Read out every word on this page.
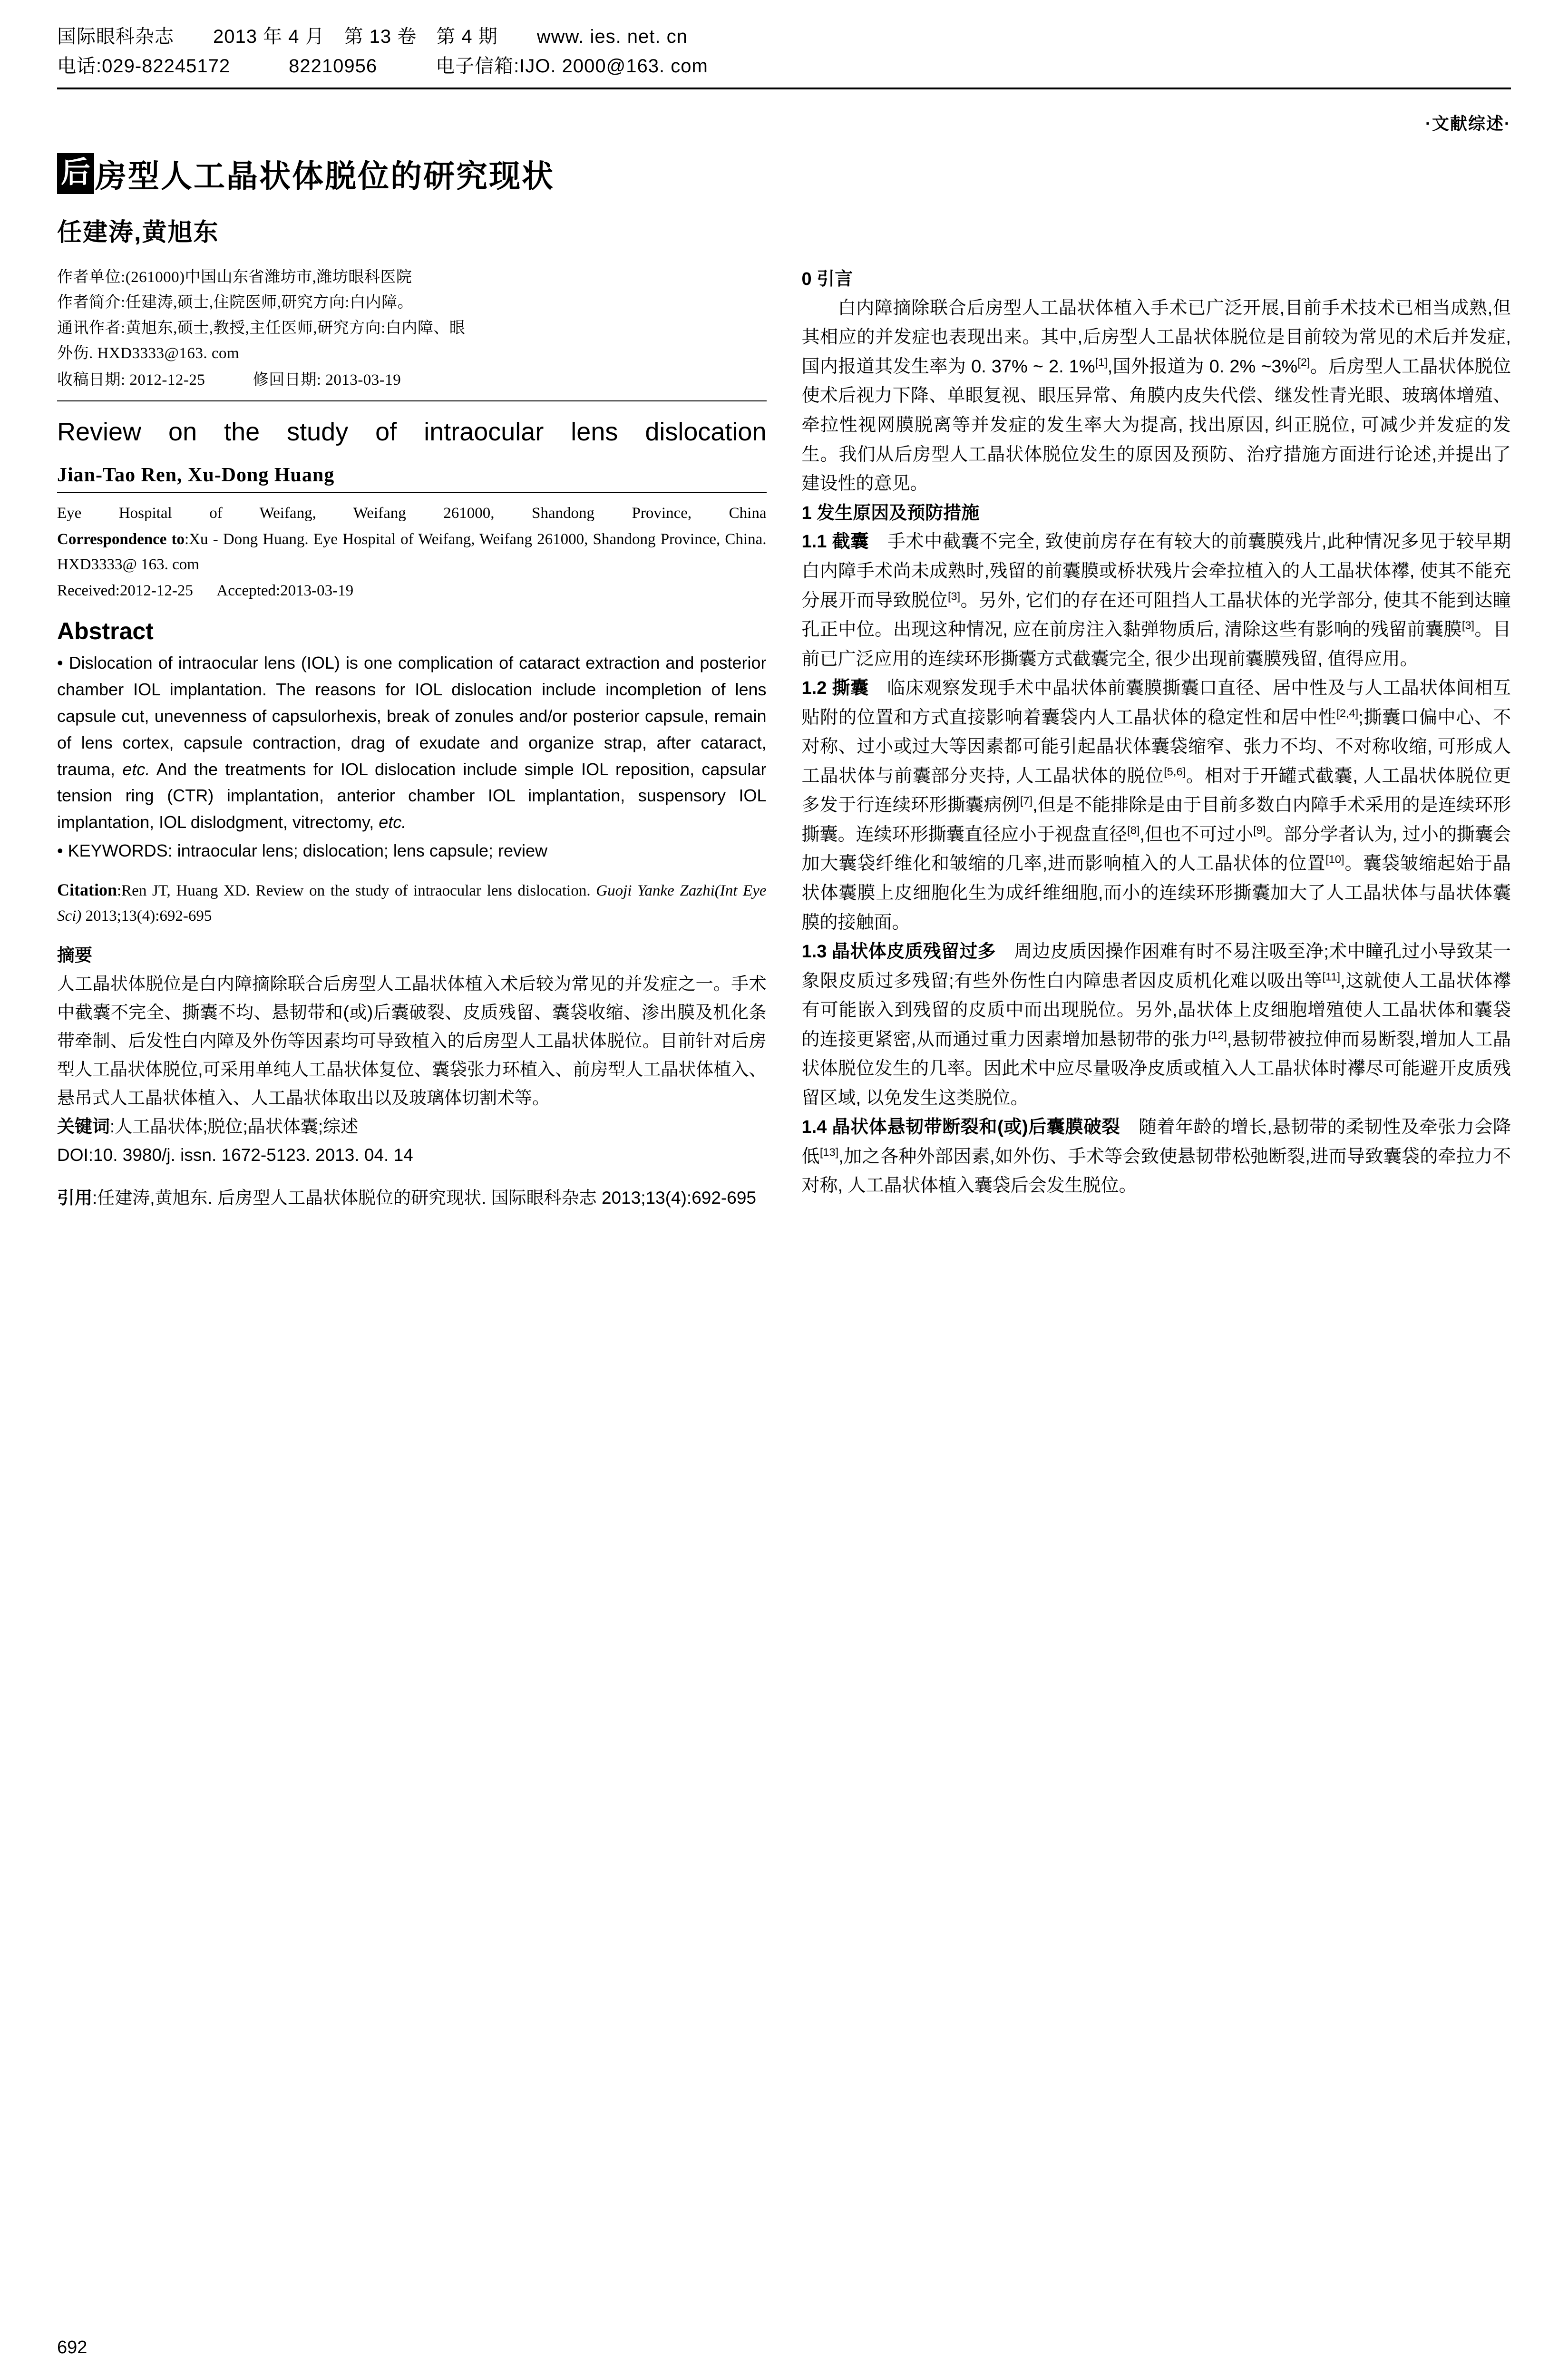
国际眼科杂志　　2013 年 4 月　第 13 卷　第 4 期　　www. ies. net. cn
电话:029-82245172　　　82210956　　　电子信箱:IJO. 2000@163. com
·文献综述·
后 房型人工晶状体脱位的研究现状
任建涛,黄旭东
作者单位:(261000)中国山东省潍坊市,潍坊眼科医院
作者简介:任建涛,硕士,住院医师,研究方向:白内障。
通讯作者:黄旭东,硕士,教授,主任医师,研究方向:白内障、眼
外伤. HXD3333@163. com
收稿日期: 2012-12-25　　　修回日期: 2013-03-19
Review on the study of intraocular lens dislocation
Jian-Tao Ren, Xu-Dong Huang

Eye Hospital of Weifang, Weifang 261000, Shandong Province, China

Correspondence to:Xu - Dong Huang. Eye Hospital of Weifang, Weifang 261000, Shandong Province, China. HXD3333@ 163. com

Received:2012-12-25 Accepted:2013-03-19

Abstract

• Dislocation of intraocular lens (IOL) is one complication of cataract extraction and posterior chamber IOL implantation. The reasons for IOL dislocation include incompletion of lens capsule cut, unevenness of capsulorhexis, break of zonules and/or posterior capsule, remain of lens cortex, capsule contraction, drag of exudate and organize strap, after cataract, trauma, etc. And the treatments for IOL dislocation include simple IOL reposition, capsular tension ring (CTR) implantation, anterior chamber IOL implantation, suspensory IOL implantation, IOL dislodgment, vitrectomy, etc.

• KEYWORDS: intraocular lens; dislocation; lens capsule; review

Citation:Ren JT, Huang XD. Review on the study of intraocular lens dislocation. Guoji Yanke Zazhi(Int Eye Sci) 2013;13(4):692-695

摘要

人工晶状体脱位是白内障摘除联合后房型人工晶状体植入术后较为常见的并发症之一。手术中截囊不完全、撕囊不均、悬韧带和(或)后囊破裂、皮质残留、囊袋收缩、渗出膜及机化条带牵制、后发性白内障及外伤等因素均可导致植入的后房型人工晶状体脱位。目前针对后房型人工晶状体脱位,可采用单纯人工晶状体复位、囊袋张力环植入、前房型人工晶状体植入、悬吊式人工晶状体植入、人工晶状体取出以及玻璃体切割术等。

关键词:人工晶状体;脱位;晶状体囊;综述

DOI:10. 3980/j. issn. 1672-5123. 2013. 04. 14

引用:任建涛,黄旭东. 后房型人工晶状体脱位的研究现状. 国际眼科杂志 2013;13(4):692-695

0 引言

白内障摘除联合后房型人工晶状体植入手术已广泛开展,目前手术技术已相当成熟,但其相应的并发症也表现出来。其中,后房型人工晶状体脱位是目前较为常见的术后并发症,国内报道其发生率为 0. 37% ~ 2. 1%[1],国外报道为 0. 2% ~3%[2]。后房型人工晶状体脱位使术后视力下降、单眼复视、眼压异常、角膜内皮失代偿、继发性青光眼、玻璃体增殖、牵拉性视网膜脱离等并发症的发生率大为提高, 找出原因, 纠正脱位, 可减少并发症的发生。我们从后房型人工晶状体脱位发生的原因及预防、治疗措施方面进行论述,并提出了建设性的意见。

1 发生原因及预防措施

1.1 截囊　手术中截囊不完全, 致使前房存在有较大的前囊膜残片,此种情况多见于较早期白内障手术尚未成熟时,残留的前囊膜或桥状残片会牵拉植入的人工晶状体襻, 使其不能充分展开而导致脱位[3]。另外, 它们的存在还可阻挡人工晶状体的光学部分, 使其不能到达瞳孔正中位。出现这种情况, 应在前房注入黏弹物质后, 清除这些有影响的残留前囊膜[3]。目前已广泛应用的连续环形撕囊方式截囊完全, 很少出现前囊膜残留, 值得应用。

1.2 撕囊　临床观察发现手术中晶状体前囊膜撕囊口直径、居中性及与人工晶状体间相互贴附的位置和方式直接影响着囊袋内人工晶状体的稳定性和居中性[2,4];撕囊口偏中心、不对称、过小或过大等因素都可能引起晶状体囊袋缩窄、张力不均、不对称收缩, 可形成人工晶状体与前囊部分夹持, 人工晶状体的脱位[5,6]。相对于开罐式截囊, 人工晶状体脱位更多发于行连续环形撕囊病例[7],但是不能排除是由于目前多数白内障手术采用的是连续环形撕囊。连续环形撕囊直径应小于视盘直径[8],但也不可过小[9]。部分学者认为, 过小的撕囊会加大囊袋纤维化和皱缩的几率,进而影响植入的人工晶状体的位置[10]。囊袋皱缩起始于晶状体囊膜上皮细胞化生为成纤维细胞,而小的连续环形撕囊加大了人工晶状体与晶状体囊膜的接触面。

1.3 晶状体皮质残留过多　周边皮质因操作困难有时不易注吸至净;术中瞳孔过小导致某一象限皮质过多残留;有些外伤性白内障患者因皮质机化难以吸出等[11],这就使人工晶状体襻有可能嵌入到残留的皮质中而出现脱位。另外,晶状体上皮细胞增殖使人工晶状体和囊袋的连接更紧密,从而通过重力因素增加悬韧带的张力[12],悬韧带被拉伸而易断裂,增加人工晶状体脱位发生的几率。因此术中应尽量吸净皮质或植入人工晶状体时襻尽可能避开皮质残留区域, 以免发生这类脱位。

1.4 晶状体悬韧带断裂和(或)后囊膜破裂　随着年龄的增长,悬韧带的柔韧性及牵张力会降低[13],加之各种外部因素,如外伤、手术等会致使悬韧带松弛断裂,进而导致囊袋的牵拉力不对称, 人工晶状体植入囊袋后会发生脱位。

692
